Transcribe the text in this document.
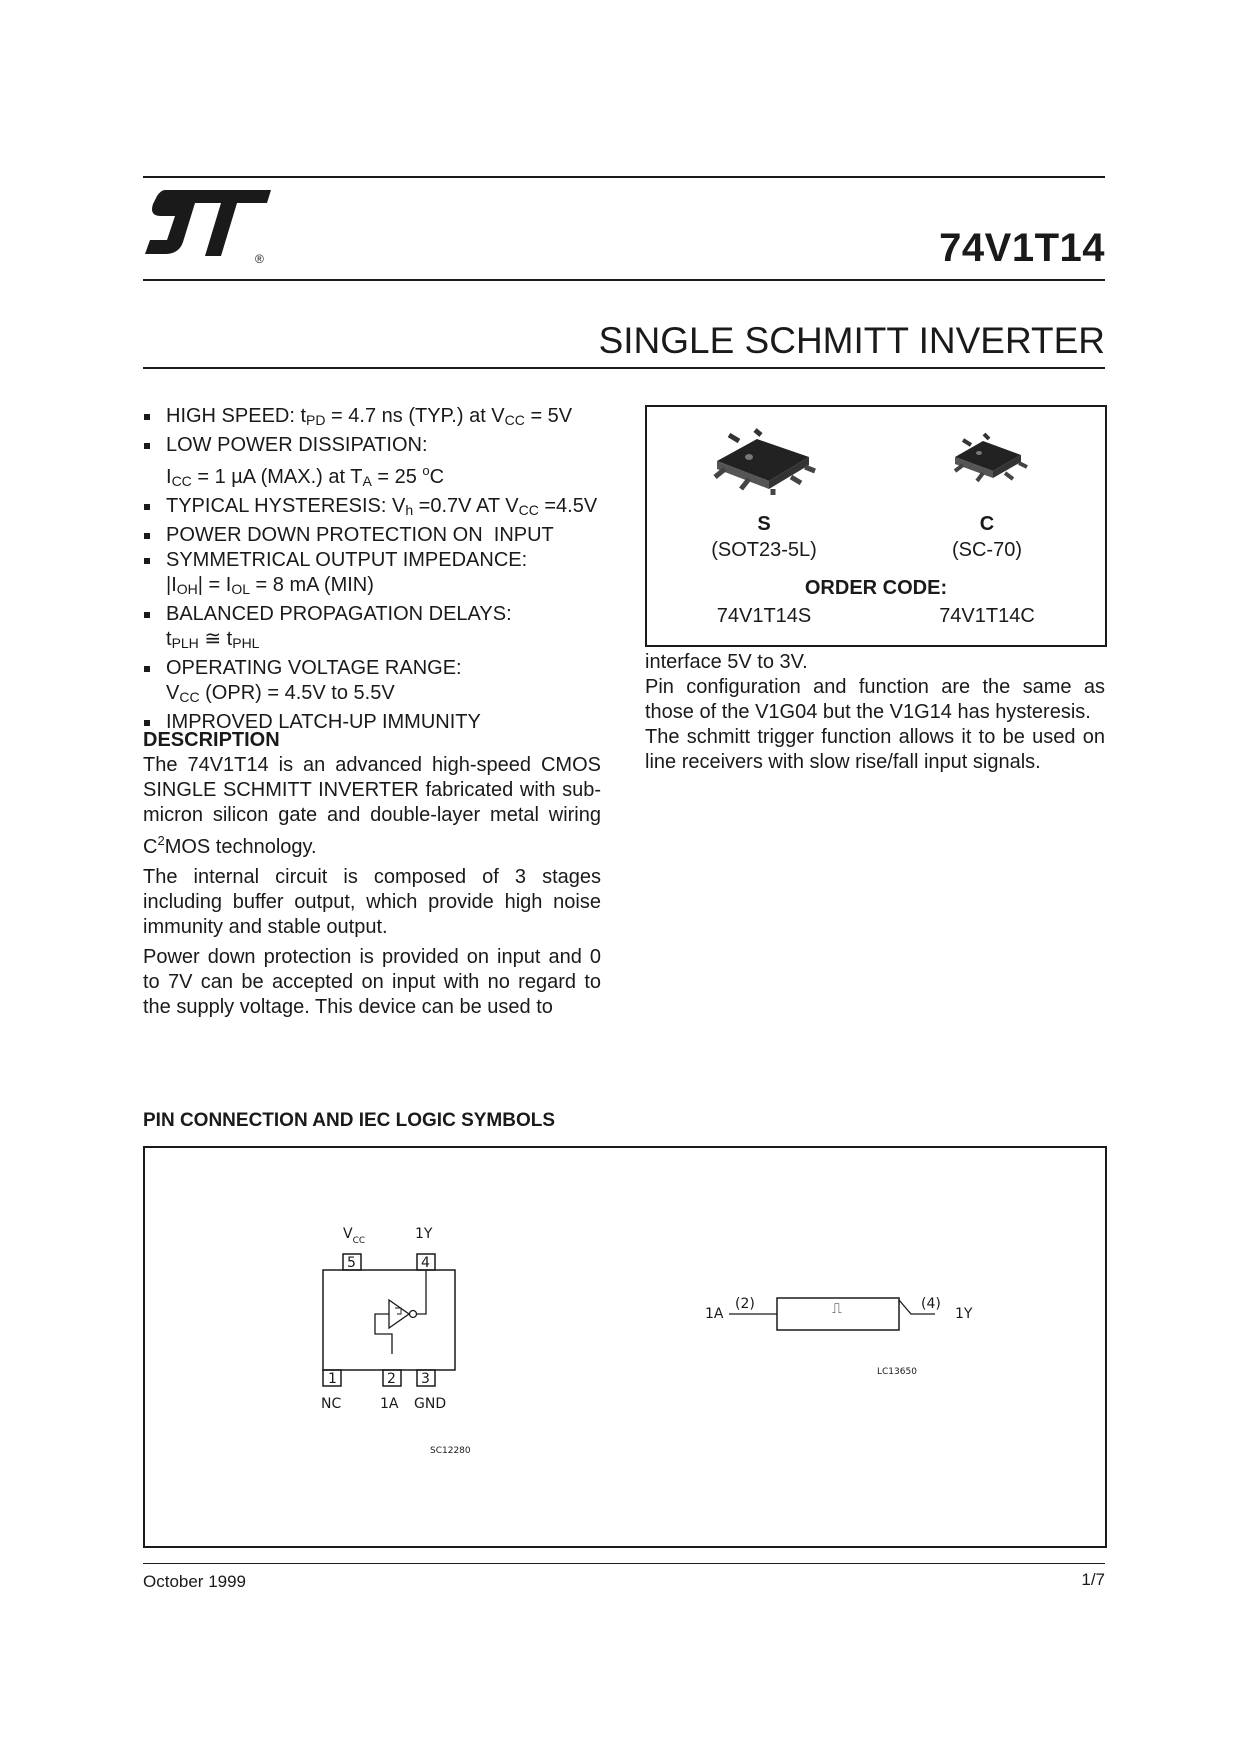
®	74V1T14
SINGLE SCHMITT INVERTER
HIGH SPEED: $t_{PD} = 4.7$ ns (TYP.) at $V_{CC} = 5V$
LOW POWER DISSIPATION:
$I_{CC} = 1$ µA (MAX.) at $T_A = 25$ $^o$C
TYPICAL HYSTERESIS: $V_h =0.7V$ AT $V_{CC} =4.5V$
POWER DOWN PROTECTION ON  INPUT
SYMMETRICAL OUTPUT IMPEDANCE:
$|I_{OH}| = I_{OL} = 8$ mA (MIN)
BALANCED PROPAGATION DELAYS:
$t_{PLH}$ ≅ $t_{PHL}$
OPERATING VOLTAGE RANGE:
$V_{CC}$ (OPR) = 4.5V to 5.5V
IMPROVED LATCH-UP IMMUNITY
DESCRIPTION

The 74V1T14 is an advanced high-speed CMOS SINGLE SCHMITT INVERTER fabricated with sub-micron silicon gate and double-layer metal wiring $C^2MOS$ technology.

The internal circuit is composed of 3 stages including buffer output, which provide high noise immunity and stable output.

Power down protection is provided on input and 0 to 7V can be accepted on input with no regard to the supply voltage. This device can be used to

S
(SOT23-5L)
C
(SC-70)
ORDER CODE:
74V1T14S	74V1T14C

interface 5V to 3V.

Pin configuration and function are the same as those of the V1G04 but the V1G14 has hysteresis.

The schmitt trigger function allows it to be used on line receivers with slow rise/fall input signals.

PIN CONNECTION AND IEC LOGIC SYMBOLS
$V_{CC}$	1Y
5	4
1	2 3
NC	1A GND
SC12280
1A
(2)	⎍	(4)
1Y
LC13650
October 1999	1/7
